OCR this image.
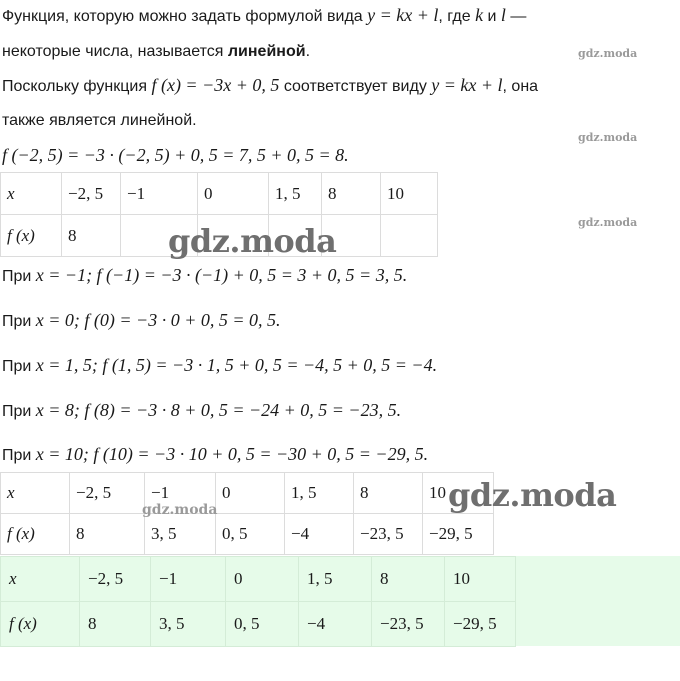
Функция, которую можно задать формулой вида y = kx + l, где k и l —
некоторые числа, называется линейной.
Поскольку функция f (x) = −3x + 0, 5 соответствует виду y = kx + l, она
также является линейной.
f (−2, 5) = −3 · (−2, 5) + 0, 5 = 7, 5 + 0, 5 = 8.
x	−2, 5	−1	0	1, 5	8	10
f (x)	8					
При x = −1; f (−1) = −3 · (−1) + 0, 5 = 3 + 0, 5 = 3, 5.
При x = 0; f (0) = −3 · 0 + 0, 5 = 0, 5.
При x = 1, 5; f (1, 5) = −3 · 1, 5 + 0, 5 = −4, 5 + 0, 5 = −4.
При x = 8; f (8) = −3 · 8 + 0, 5 = −24 + 0, 5 = −23, 5.
При x = 10; f (10) = −3 · 10 + 0, 5 = −30 + 0, 5 = −29, 5.
x	−2, 5	−1	0	1, 5	8	10
f (x)	8	3, 5	0, 5	−4	−23, 5	−29, 5
x	−2, 5	−1	0	1, 5	8	10
f (x)	8	3, 5	0, 5	−4	−23, 5	−29, 5
gdz.moda
gdz.moda
gdz.moda
gdz.moda
gdz.moda	gdz.moda
